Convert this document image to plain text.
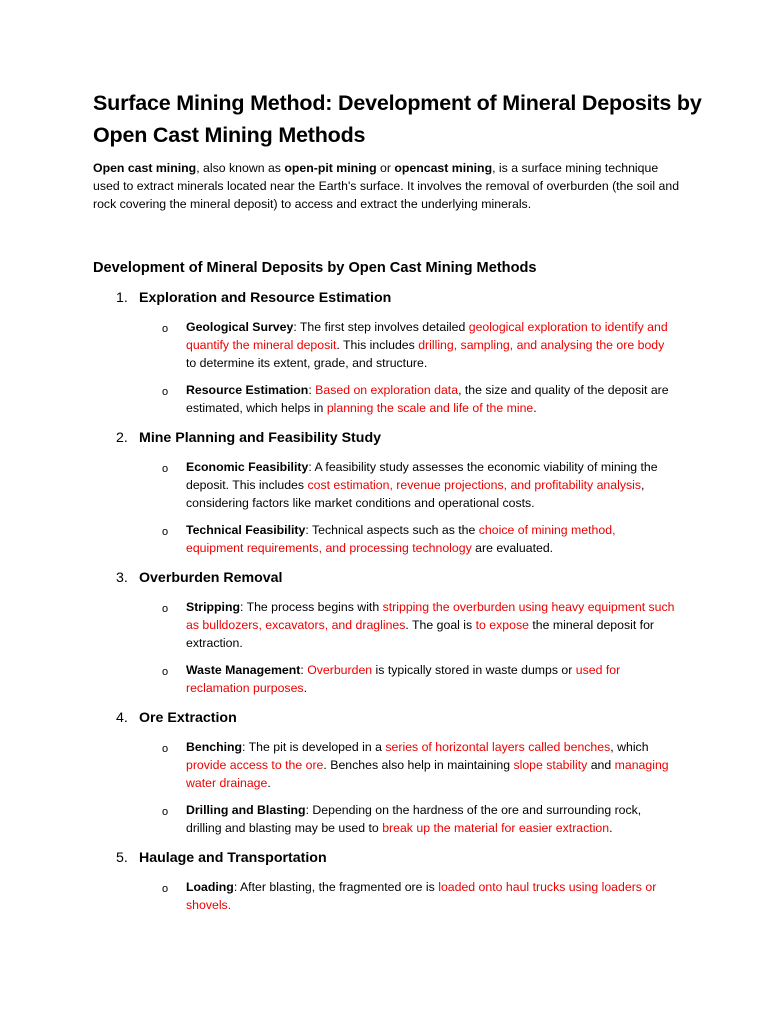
Surface Mining Method: Development of Mineral Deposits by Open Cast Mining Methods

Open cast mining, also known as open-pit mining or opencast mining, is a surface mining technique used to extract minerals located near the Earth's surface. It involves the removal of overburden (the soil and rock covering the mineral deposit) to access and extract the underlying minerals.

Development of Mineral Deposits by Open Cast Mining Methods
1. Exploration and Resource Estimation
o Geological Survey: The first step involves detailed geological exploration to identify and quantify the mineral deposit. This includes drilling, sampling, and analysing the ore body to determine its extent, grade, and structure.

o Resource Estimation: Based on exploration data, the size and quality of the deposit are estimated, which helps in planning the scale and life of the mine.

2. Mine Planning and Feasibility Study
o Economic Feasibility: A feasibility study assesses the economic viability of mining the deposit. This includes cost estimation, revenue projections, and profitability analysis, considering factors like market conditions and operational costs.

o Technical Feasibility: Technical aspects such as the choice of mining method, equipment requirements, and processing technology are evaluated.

3. Overburden Removal
o Stripping: The process begins with stripping the overburden using heavy equipment such as bulldozers, excavators, and draglines. The goal is to expose the mineral deposit for extraction.

o Waste Management: Overburden is typically stored in waste dumps or used for reclamation purposes.

4. Ore Extraction
o Benching: The pit is developed in a series of horizontal layers called benches, which provide access to the ore. Benches also help in maintaining slope stability and managing water drainage.

o Drilling and Blasting: Depending on the hardness of the ore and surrounding rock, drilling and blasting may be used to break up the material for easier extraction.

5. Haulage and Transportation
o Loading: After blasting, the fragmented ore is loaded onto haul trucks using loaders or shovels.
